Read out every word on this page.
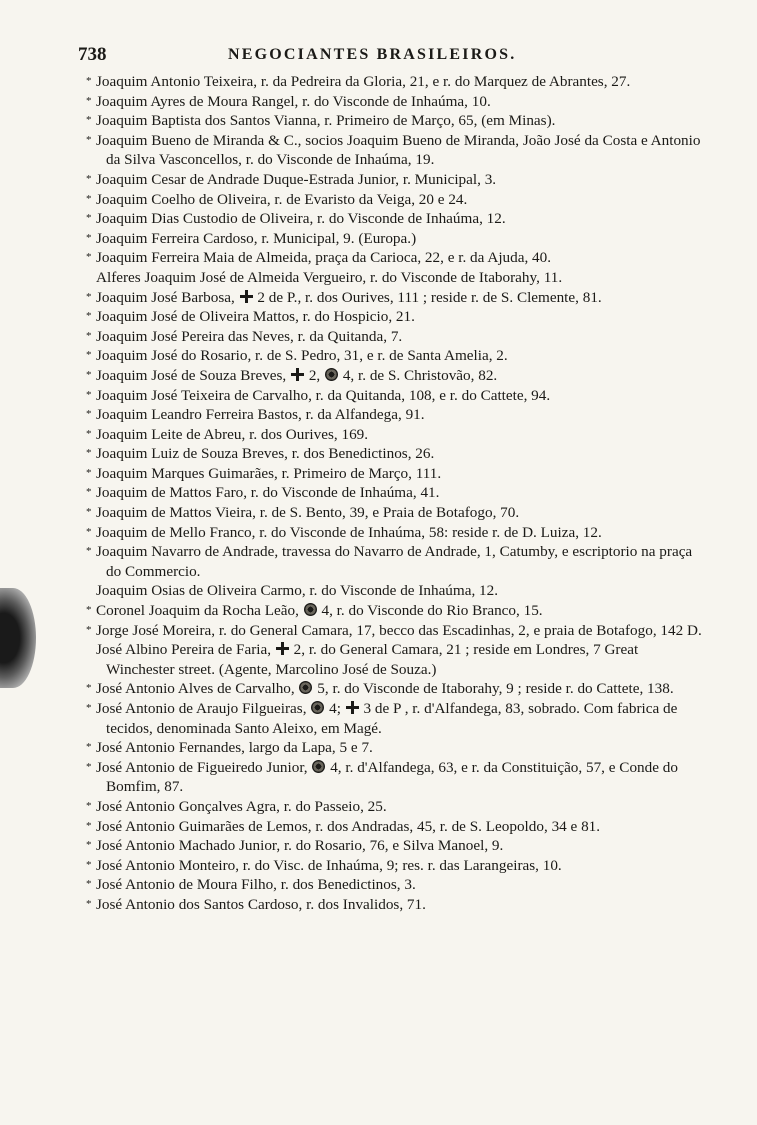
738	NEGOCIANTES BRASILEIROS.
* Joaquim Antonio Teixeira, r. da Pedreira da Gloria, 21, e r. do Marquez de Abrantes, 27.
* Joaquim Ayres de Moura Rangel, r. do Visconde de Inhaúma, 10.
* Joaquim Baptista dos Santos Vianna, r. Primeiro de Março, 65, (em Minas).
* Joaquim Bueno de Miranda & C., socios Joaquim Bueno de Miranda, João José da Costa e Antonio da Silva Vasconcellos, r. do Visconde de Inhaúma, 19.
* Joaquim Cesar de Andrade Duque-Estrada Junior, r. Municipal, 3.
* Joaquim Coelho de Oliveira, r. de Evaristo da Veiga, 20 e 24.
* Joaquim Dias Custodio de Oliveira, r. do Visconde de Inhaúma, 12.
* Joaquim Ferreira Cardoso, r. Municipal, 9. (Europa.)
* Joaquim Ferreira Maia de Almeida, praça da Carioca, 22, e r. da Ajuda, 40.
Alferes Joaquim José de Almeida Vergueiro, r. do Visconde de Itaborahy, 11.
* Joaquim José Barbosa,  2 de P., r. dos Ourives, 111 ; reside r. de S. Clemente, 81.
* Joaquim José de Oliveira Mattos, r. do Hospicio, 21.
* Joaquim José Pereira das Neves, r. da Quitanda, 7.
* Joaquim José do Rosario, r. de S. Pedro, 31, e r. de Santa Amelia, 2.
* Joaquim José de Souza Breves,  2,  4, r. de S. Christovão, 82.
* Joaquim José Teixeira de Carvalho, r. da Quitanda, 108, e r. do Cattete, 94.
* Joaquim Leandro Ferreira Bastos, r. da Alfandega, 91.
* Joaquim Leite de Abreu, r. dos Ourives, 169.
* Joaquim Luiz de Souza Breves, r. dos Benedictinos, 26.
* Joaquim Marques Guimarães, r. Primeiro de Março, 111.
* Joaquim de Mattos Faro, r. do Visconde de Inhaúma, 41.
* Joaquim de Mattos Vieira, r. de S. Bento, 39, e Praia de Botafogo, 70.
* Joaquim de Mello Franco, r. do Visconde de Inhaúma, 58: reside r. de D. Luiza, 12.
* Joaquim Navarro de Andrade, travessa do Navarro de Andrade, 1, Catumby, e escriptorio na praça do Commercio.
Joaquim Osias de Oliveira Carmo, r. do Visconde de Inhaúma, 12.
* Coronel Joaquim da Rocha Leão,  4, r. do Visconde do Rio Branco, 15.
* Jorge José Moreira, r. do General Camara, 17, becco das Escadinhas, 2, e praia de Botafogo, 142 D.
José Albino Pereira de Faria,  2, r. do General Camara, 21 ; reside em Londres, 7 Great Winchester street. (Agente, Marcolino José de Souza.)
* José Antonio Alves de Carvalho,  5, r. do Visconde de Itaborahy, 9 ; reside r. do Cattete, 138.
* José Antonio de Araujo Filgueiras,  4;  3 de P , r. d'Alfandega, 83, sobrado. Com fabrica de tecidos, denominada Santo Aleixo, em Magé.
* José Antonio Fernandes, largo da Lapa, 5 e 7.
* José Antonio de Figueiredo Junior,  4, r. d'Alfandega, 63, e r. da Constituição, 57, e Conde do Bomfim, 87.
* José Antonio Gonçalves Agra, r. do Passeio, 25.
* José Antonio Guimarães de Lemos, r. dos Andradas, 45, r. de S. Leopoldo, 34 e 81.
* José Antonio Machado Junior, r. do Rosario, 76, e Silva Manoel, 9.
* José Antonio Monteiro, r. do Visc. de Inhaúma, 9; res. r. das Larangeiras, 10.
* José Antonio de Moura Filho, r. dos Benedictinos, 3.
* José Antonio dos Santos Cardoso, r. dos Invalidos, 71.
